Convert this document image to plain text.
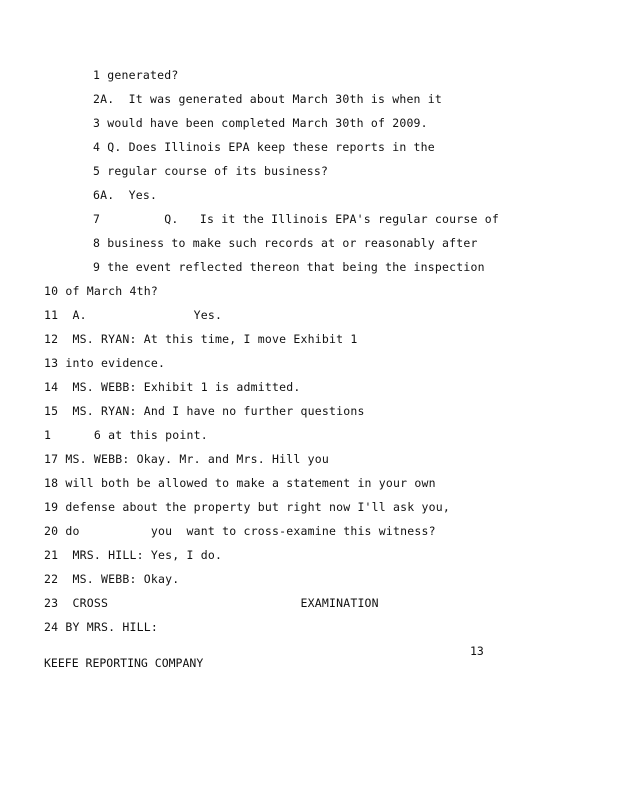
1 generated?
2A.  It was generated about March 30th is when it
3 would have been completed March 30th of 2009.
4 Q. Does Illinois EPA keep these reports in the
5 regular course of its business?
6A.  Yes.
7         Q.   Is it the Illinois EPA's regular course of
8 business to make such records at or reasonably after
9 the event reflected thereon that being the inspection
10 of March 4th?
11  A.               Yes.
12  MS. RYAN: At this time, I move Exhibit 1
13 into evidence.
14  MS. WEBB: Exhibit 1 is admitted.
15  MS. RYAN: And I have no further questions
1      6 at this point.
17 MS. WEBB: Okay. Mr. and Mrs. Hill you
18 will both be allowed to make a statement in your own
19 defense about the property but right now I'll ask you,
20 do          you  want to cross-examine this witness?
21  MRS. HILL: Yes, I do.
22  MS. WEBB: Okay.
23  CROSS                           EXAMINATION
24 BY MRS. HILL:
13
KEEFE REPORTING COMPANY
